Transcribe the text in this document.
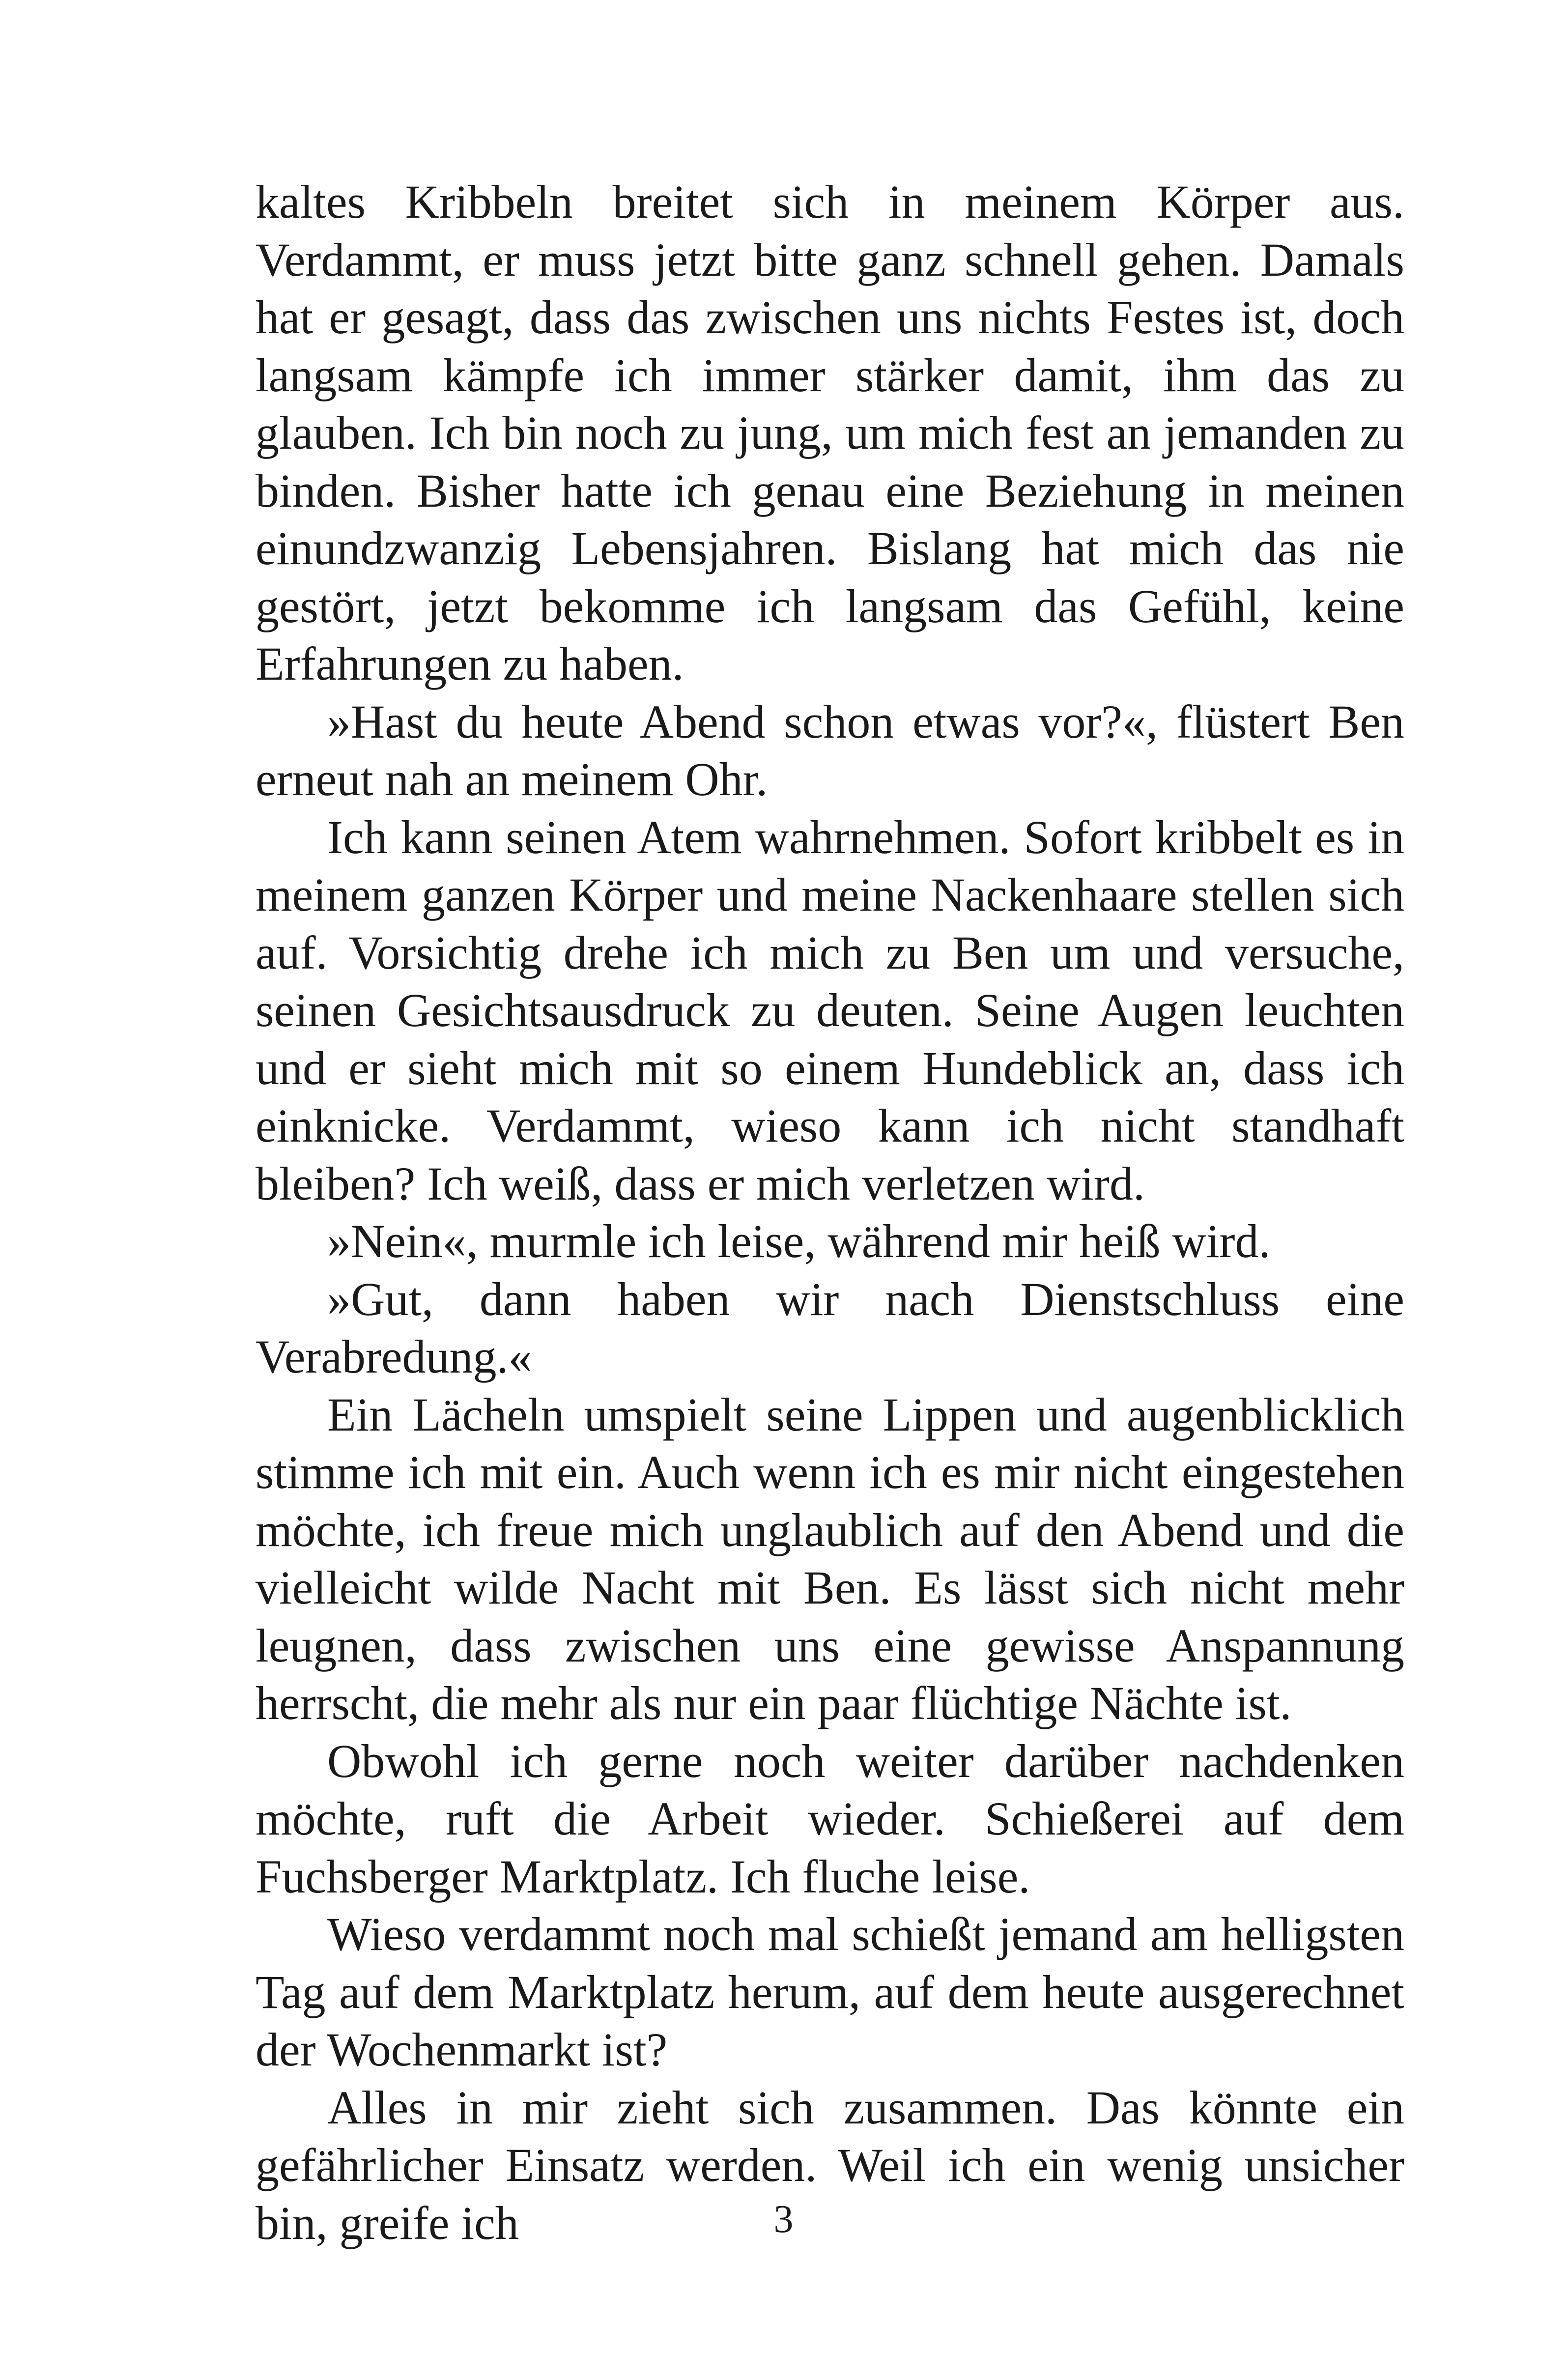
kaltes Kribbeln breitet sich in meinem Körper aus. Verdammt, er muss jetzt bitte ganz schnell gehen. Damals hat er gesagt, dass das zwischen uns nichts Festes ist, doch langsam kämpfe ich immer stärker damit, ihm das zu glauben. Ich bin noch zu jung, um mich fest an jemanden zu binden. Bisher hatte ich genau eine Beziehung in meinen einundzwanzig Lebensjahren. Bislang hat mich das nie gestört, jetzt bekomme ich langsam das Gefühl, keine Erfahrungen zu haben.

»Hast du heute Abend schon etwas vor?«, flüstert Ben erneut nah an meinem Ohr.

Ich kann seinen Atem wahrnehmen. Sofort kribbelt es in meinem ganzen Körper und meine Nackenhaare stellen sich auf. Vorsichtig drehe ich mich zu Ben um und versuche, seinen Gesichtsausdruck zu deuten. Seine Augen leuchten und er sieht mich mit so einem Hundeblick an, dass ich einknicke. Verdammt, wieso kann ich nicht standhaft bleiben? Ich weiß, dass er mich verletzen wird.

»Nein«, murmle ich leise, während mir heiß wird.

»Gut, dann haben wir nach Dienstschluss eine Verabredung.«

Ein Lächeln umspielt seine Lippen und augenblicklich stimme ich mit ein. Auch wenn ich es mir nicht eingestehen möchte, ich freue mich unglaublich auf den Abend und die vielleicht wilde Nacht mit Ben. Es lässt sich nicht mehr leugnen, dass zwischen uns eine gewisse Anspannung herrscht, die mehr als nur ein paar flüchtige Nächte ist.

Obwohl ich gerne noch weiter darüber nachdenken möchte, ruft die Arbeit wieder. Schießerei auf dem Fuchsberger Marktplatz. Ich fluche leise.

Wieso verdammt noch mal schießt jemand am helligsten Tag auf dem Marktplatz herum, auf dem heute ausgerechnet der Wochenmarkt ist?

Alles in mir zieht sich zusammen. Das könnte ein gefährlicher Einsatz werden. Weil ich ein wenig unsicher bin, greife ich	3
